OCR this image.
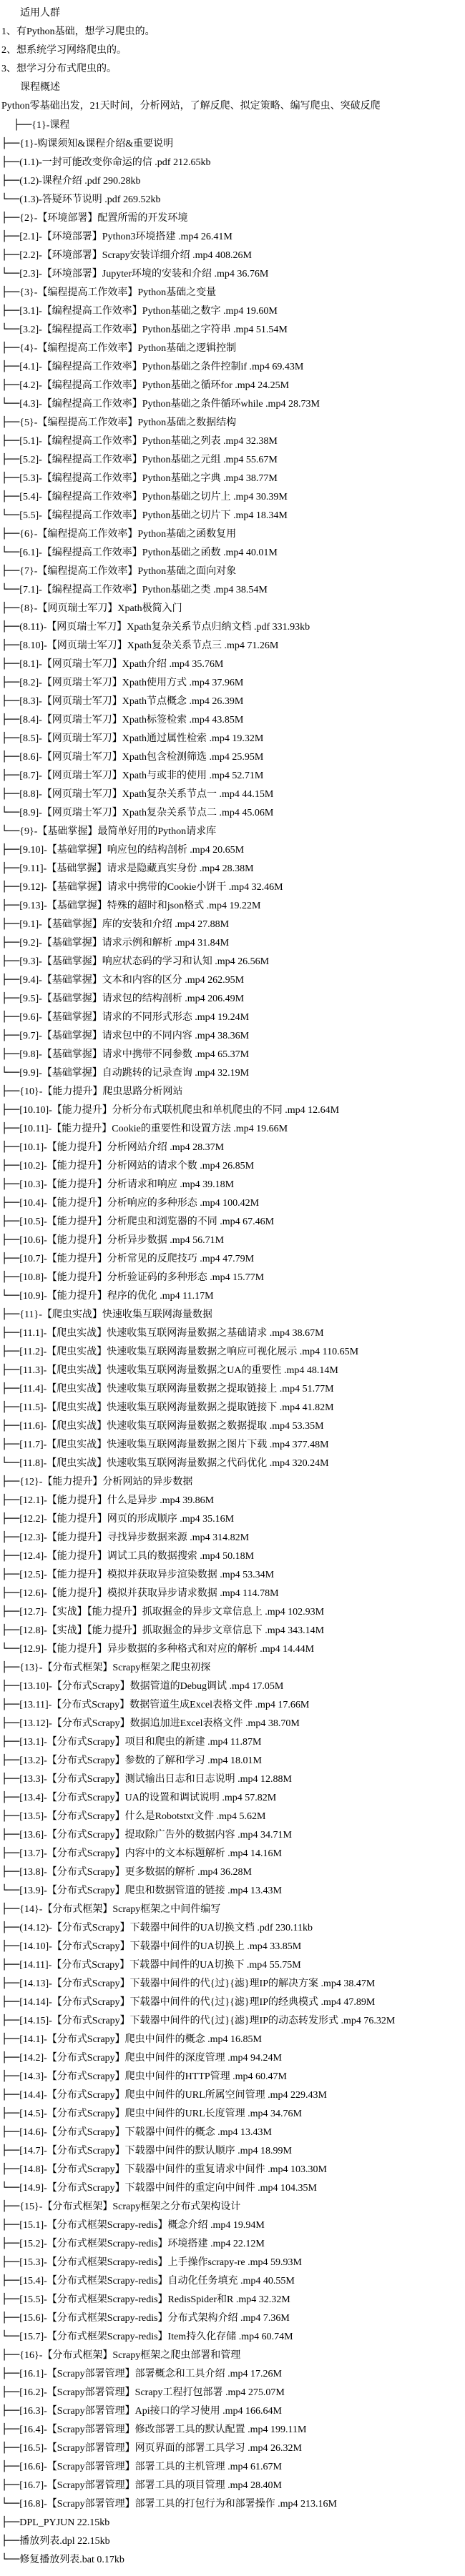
适用人群
1、有Python基础，想学习爬虫的。
2、想系统学习网络爬虫的。
3、想学习分布式爬虫的。
课程概述
Python零基础出发，21天时间，分析网站，了解反爬、拟定策略、编写爬虫、突破反爬
├──{1}-课程
├──{1}-购课须知&课程介绍&重要说明
├──(1.1)-一封可能改变你命运的信 .pdf 212.65kb
├──(1.2)-课程介绍 .pdf 290.28kb
└──(1.3)-答疑环节说明 .pdf 269.52kb
├──{2}-【环境部署】配置所需的开发环境
├──[2.1]-【环境部署】Python3环境搭建 .mp4 26.41M
├──[2.2]-【环境部署】Scrapy安装详细介绍 .mp4 408.26M
└──[2.3]-【环境部署】Jupyter环境的安装和介绍 .mp4 36.76M
├──{3}-【编程提高工作效率】Python基础之变量
├──[3.1]-【编程提高工作效率】Python基础之数字 .mp4 19.60M
└──[3.2]-【编程提高工作效率】Python基础之字符串 .mp4 51.54M
├──{4}-【编程提高工作效率】Python基础之逻辑控制
├──[4.1]-【编程提高工作效率】Python基础之条件控制if .mp4 69.43M
├──[4.2]-【编程提高工作效率】Python基础之循环for .mp4 24.25M
└──[4.3]-【编程提高工作效率】Python基础之条件循环while .mp4 28.73M
├──{5}-【编程提高工作效率】Python基础之数据结构
├──[5.1]-【编程提高工作效率】Python基础之列表 .mp4 32.38M
├──[5.2]-【编程提高工作效率】Python基础之元组 .mp4 55.67M
├──[5.3]-【编程提高工作效率】Python基础之字典 .mp4 38.77M
├──[5.4]-【编程提高工作效率】Python基础之切片上 .mp4 30.39M
└──[5.5]-【编程提高工作效率】Python基础之切片下 .mp4 18.34M
├──{6}-【编程提高工作效率】Python基础之函数复用
└──[6.1]-【编程提高工作效率】Python基础之函数 .mp4 40.01M
├──{7}-【编程提高工作效率】Python基础之面向对象
└──[7.1]-【编程提高工作效率】Python基础之类 .mp4 38.54M
├──{8}-【网页瑞士军刀】Xpath极简入门
├──(8.11)-【网页瑞士军刀】Xpath复杂关系节点归纳文档 .pdf 331.93kb
├──[8.10]-【网页瑞士军刀】Xpath复杂关系节点三 .mp4 71.26M
├──[8.1]-【网页瑞士军刀】Xpath介绍 .mp4 35.76M
├──[8.2]-【网页瑞士军刀】Xpath使用方式 .mp4 37.96M
├──[8.3]-【网页瑞士军刀】Xpath节点概念 .mp4 26.39M
├──[8.4]-【网页瑞士军刀】Xpath标签检索 .mp4 43.85M
├──[8.5]-【网页瑞士军刀】Xpath通过属性检索 .mp4 19.32M
├──[8.6]-【网页瑞士军刀】Xpath包含检测筛选 .mp4 25.95M
├──[8.7]-【网页瑞士军刀】Xpath与或非的使用 .mp4 52.71M
├──[8.8]-【网页瑞士军刀】Xpath复杂关系节点一 .mp4 44.15M
└──[8.9]-【网页瑞士军刀】Xpath复杂关系节点二 .mp4 45.06M
└──{9}-【基础掌握】最简单好用的Python请求库
├──[9.10]-【基础掌握】响应包的结构剖析 .mp4 20.65M
├──[9.11]-【基础掌握】请求是隐藏真实身份 .mp4 28.38M
├──[9.12]-【基础掌握】请求中携带的Cookie小饼干 .mp4 32.46M
├──[9.13]-【基础掌握】特殊的超时和json格式 .mp4 19.22M
├──[9.1]-【基础掌握】库的安装和介绍 .mp4 27.88M
├──[9.2]-【基础掌握】请求示例和解析 .mp4 31.84M
├──[9.3]-【基础掌握】响应状态码的学习和认知 .mp4 26.56M
├──[9.4]-【基础掌握】文本和内容的区分 .mp4 262.95M
├──[9.5]-【基础掌握】请求包的结构剖析 .mp4 206.49M
├──[9.6]-【基础掌握】请求的不同形式形态 .mp4 19.24M
├──[9.7]-【基础掌握】请求包中的不同内容 .mp4 38.36M
├──[9.8]-【基础掌握】请求中携带不同参数 .mp4 65.37M
└──[9.9]-【基础掌握】自动跳转的记录查询 .mp4 32.19M
├──{10}-【能力提升】爬虫思路分析网站
├──[10.10]-【能力提升】分析分布式联机爬虫和单机爬虫的不同 .mp4 12.64M
├──[10.11]-【能力提升】Cookie的重要性和设置方法 .mp4 19.66M
├──[10.1]-【能力提升】分析网站介绍 .mp4 28.37M
├──[10.2]-【能力提升】分析网站的请求个数 .mp4 26.85M
├──[10.3]-【能力提升】分析请求和响应 .mp4 39.18M
├──[10.4]-【能力提升】分析响应的多种形态 .mp4 100.42M
├──[10.5]-【能力提升】分析爬虫和浏览器的不同 .mp4 67.46M
├──[10.6]-【能力提升】分析异步数据 .mp4 56.71M
├──[10.7]-【能力提升】分析常见的反爬技巧 .mp4 47.79M
├──[10.8]-【能力提升】分析验证码的多种形态 .mp4 15.77M
└──[10.9]-【能力提升】程序的优化 .mp4 11.17M
├──{11}-【爬虫实战】快速收集互联网海量数据
├──[11.1]-【爬虫实战】快速收集互联网海量数据之基础请求 .mp4 38.67M
├──[11.2]-【爬虫实战】快速收集互联网海量数据之响应可视化展示 .mp4 110.65M
├──[11.3]-【爬虫实战】快速收集互联网海量数据之UA的重要性 .mp4 48.14M
├──[11.4]-【爬虫实战】快速收集互联网海量数据之提取链接上 .mp4 51.77M
├──[11.5]-【爬虫实战】快速收集互联网海量数据之提取链接下 .mp4 41.82M
├──[11.6]-【爬虫实战】快速收集互联网海量数据之数据提取 .mp4 53.35M
├──[11.7]-【爬虫实战】快速收集互联网海量数据之图片下载 .mp4 377.48M
└──[11.8]-【爬虫实战】快速收集互联网海量数据之代码优化 .mp4 320.24M
├──{12}-【能力提升】分析网站的异步数据
├──[12.1]-【能力提升】什么是异步 .mp4 39.86M
├──[12.2]-【能力提升】网页的形成顺序 .mp4 35.16M
├──[12.3]-【能力提升】寻找异步数据来源 .mp4 314.82M
├──[12.4]-【能力提升】调试工具的数据搜索 .mp4 50.18M
├──[12.5]-【能力提升】模拟并获取异步渲染数据 .mp4 53.34M
├──[12.6]-【能力提升】模拟并获取异步请求数据 .mp4 114.78M
├──[12.7]-【实战】【能力提升】抓取掘金的异步文章信息上 .mp4 102.93M
├──[12.8]-【实战】【能力提升】抓取掘金的异步文章信息下 .mp4 343.14M
└──[12.9]-【能力提升】异步数据的多种格式和对应的解析 .mp4 14.44M
├──{13}-【分布式框架】Scrapy框架之爬虫初探
├──[13.10]-【分布式Scrapy】数据管道的Debug调试 .mp4 17.05M
├──[13.11]-【分布式Scrapy】数据管道生成Excel表格文件 .mp4 17.66M
├──[13.12]-【分布式Scrapy】数据追加进Excel表格文件 .mp4 38.70M
├──[13.1]-【分布式Scrapy】项目和爬虫的新建 .mp4 11.87M
├──[13.2]-【分布式Scrapy】参数的了解和学习 .mp4 18.01M
├──[13.3]-【分布式Scrapy】测试输出日志和日志说明 .mp4 12.88M
├──[13.4]-【分布式Scrapy】UA的设置和调试说明 .mp4 57.82M
├──[13.5]-【分布式Scrapy】什么是Robotstxt文件 .mp4 5.62M
├──[13.6]-【分布式Scrapy】提取除广告外的数据内容 .mp4 34.71M
├──[13.7]-【分布式Scrapy】内容中的文本标题解析 .mp4 14.16M
├──[13.8]-【分布式Scrapy】更多数据的解析 .mp4 36.28M
└──[13.9]-【分布式Scrapy】爬虫和数据管道的链接 .mp4 13.43M
├──{14}-【分布式框架】Scrapy框架之中间件编写
├──(14.12)-【分布式Scrapy】下载器中间件的UA切换文档 .pdf 230.11kb
├──[14.10]-【分布式Scrapy】下载器中间件的UA切换上 .mp4 33.85M
├──[14.11]-【分布式Scrapy】下载器中间件的UA切换下 .mp4 55.75M
├──[14.13]-【分布式Scrapy】下载器中间件的代{过}{滤}理IP的解决方案 .mp4 38.47M
├──[14.14]-【分布式Scrapy】下载器中间件的代{过}{滤}理IP的经典模式 .mp4 47.89M
├──[14.15]-【分布式Scrapy】下载器中间件的代{过}{滤}理IP的动态转发形式 .mp4 76.32M
├──[14.1]-【分布式Scrapy】爬虫中间件的概念 .mp4 16.85M
├──[14.2]-【分布式Scrapy】爬虫中间件的深度管理 .mp4 94.24M
├──[14.3]-【分布式Scrapy】爬虫中间件的HTTP管理 .mp4 60.47M
├──[14.4]-【分布式Scrapy】爬虫中间件的URL所属空间管理 .mp4 229.43M
├──[14.5]-【分布式Scrapy】爬虫中间件的URL长度管理 .mp4 34.76M
├──[14.6]-【分布式Scrapy】下载器中间件的概念 .mp4 13.43M
├──[14.7]-【分布式Scrapy】下载器中间件的默认顺序 .mp4 18.99M
├──[14.8]-【分布式Scrapy】下载器中间件的重复请求中间件 .mp4 103.30M
└──[14.9]-【分布式Scrapy】下载器中间件的重定向中间件 .mp4 104.35M
├──{15}-【分布式框架】Scrapy框架之分布式架构设计
├──[15.1]-【分布式框架Scrapy-redis】概念介绍 .mp4 19.94M
├──[15.2]-【分布式框架Scrapy-redis】环境搭建 .mp4 22.12M
├──[15.3]-【分布式框架Scrapy-redis】上手操作scrapy-re .mp4 59.93M
├──[15.4]-【分布式框架Scrapy-redis】自动化任务填充 .mp4 40.55M
├──[15.5]-【分布式框架Scrapy-redis】RedisSpider和R .mp4 32.32M
├──[15.6]-【分布式框架Scrapy-redis】分布式架构介绍 .mp4 7.36M
└──[15.7]-【分布式框架Scrapy-redis】Item持久化存储 .mp4 60.74M
├──{16}-【分布式框架】Scrapy框架之爬虫部署和管理
├──[16.1]-【Scrapy部署管理】部署概念和工具介绍 .mp4 17.26M
├──[16.2]-【Scrapy部署管理】Scrapy工程打包部署 .mp4 275.07M
├──[16.3]-【Scrapy部署管理】Api接口的学习使用 .mp4 166.64M
├──[16.4]-【Scrapy部署管理】修改部署工具的默认配置 .mp4 199.11M
├──[16.5]-【Scrapy部署管理】网页界面的部署工具学习 .mp4 26.32M
├──[16.6]-【Scrapy部署管理】部署工具的主机管理 .mp4 61.67M
├──[16.7]-【Scrapy部署管理】部署工具的项目管理 .mp4 28.40M
└──[16.8]-【Scrapy部署管理】部署工具的打包行为和部署操作 .mp4 213.16M
├──DPL_PYJUN 22.15kb
├──播放列表.dpl 22.15kb
└──修复播放列表.bat 0.17kb
